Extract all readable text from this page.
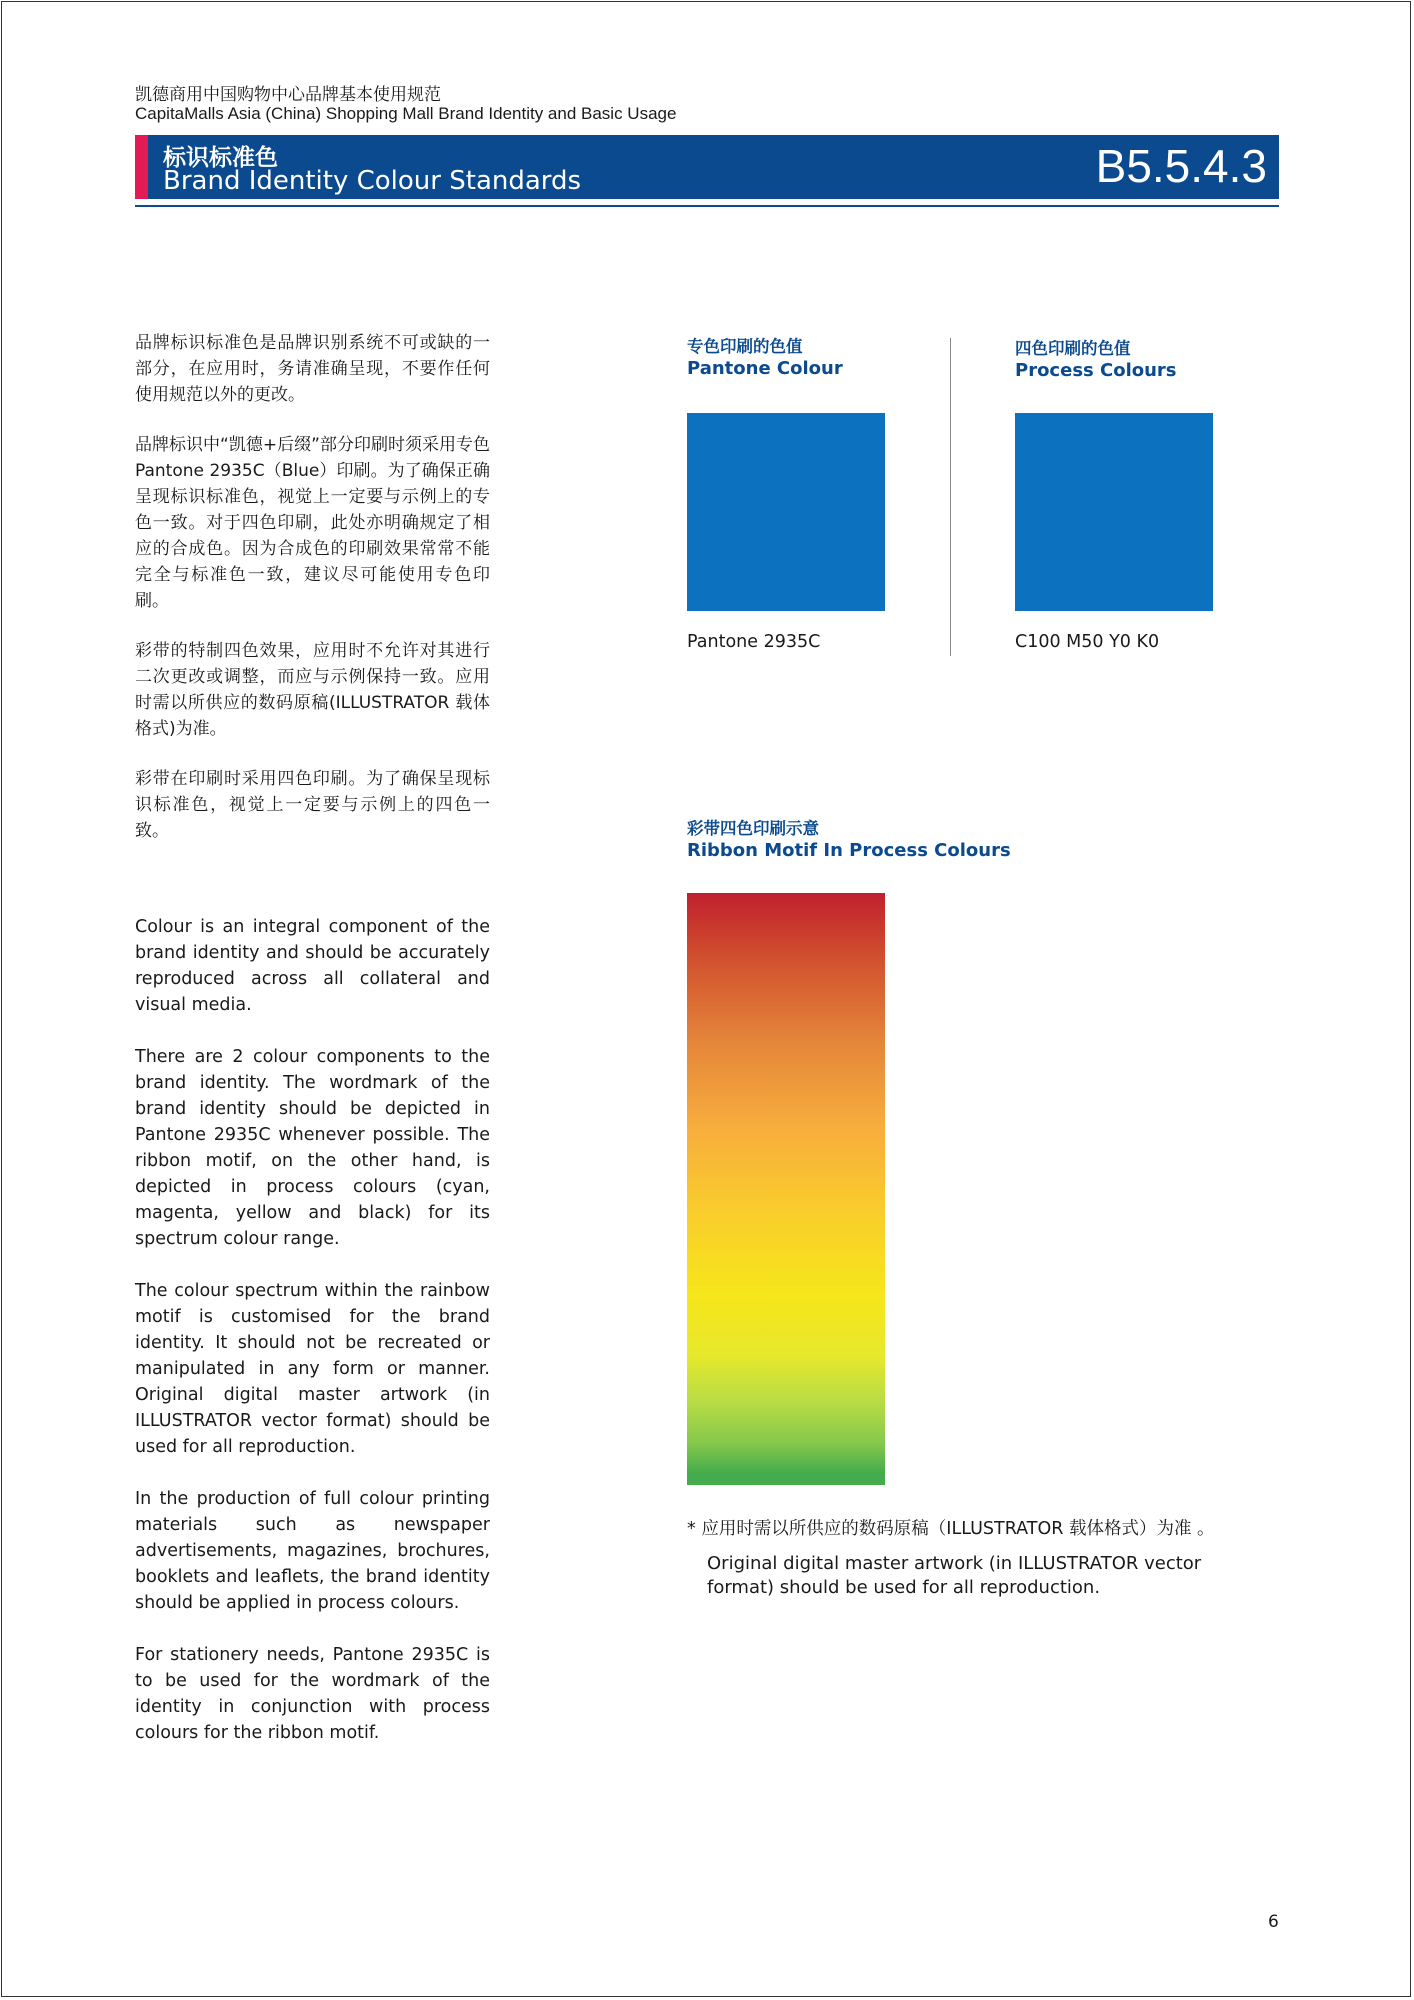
凯德商用中国购物中心品牌基本使用规范
CapitaMalls Asia (China) Shopping Mall Brand Identity and Basic Usage
标识标准色
Brand Identity Colour Standards	B5.5.4.3

品牌标识标准色是品牌识别系统不可或缺的一部分，在应用时，务请准确呈现，不要作任何使用规范以外的更改。

品牌标识中“凯德+后缀”部分印刷时须采用专色 Pantone 2935C（Blue）印刷。为了确保正确呈现标识标准色，视觉上一定要与示例上的专色一致。对于四色印刷，此处亦明确规定了相应的合成色。因为合成色的印刷效果常常不能完全与标准色一致，建议尽可能使用专色印刷。

彩带的特制四色效果，应用时不允许对其进行二次更改或调整，而应与示例保持一致。应用时需以所供应的数码原稿(ILLUSTRATOR 载体格式)为准。

彩带在印刷时采用四色印刷。为了确保呈现标识标准色，视觉上一定要与示例上的四色一致。

Colour is an integral component of the brand identity and should be accurately reproduced across all collateral and visual media.

There are 2 colour components to the brand identity. The wordmark of the brand identity should be depicted in Pantone 2935C whenever possible. The ribbon motif, on the other hand, is depicted in process colours (cyan, magenta, yellow and black) for its spectrum colour range.

The colour spectrum within the rainbow motif is customised for the brand identity. It should not be recreated or manipulated in any form or manner. Original digital master artwork (in ILLUSTRATOR vector format) should be used for all reproduction.

In the production of full colour printing materials such as newspaper advertisements, magazines, brochures, booklets and leaflets, the brand identity should be applied in process colours.

For stationery needs, Pantone 2935C is to be used for the wordmark of the identity in conjunction with process colours for the ribbon motif.

专色印刷的色值
Pantone Colour
Pantone 2935C
四色印刷的色值
Process Colours
C100 M50 Y0 K0
彩带四色印刷示意
Ribbon Motif In Process Colours
* 应用时需以所供应的数码原稿（ILLUSTRATOR 载体格式）为准 。
Original digital master artwork (in ILLUSTRATOR vector format) should be used for all reproduction.
6
